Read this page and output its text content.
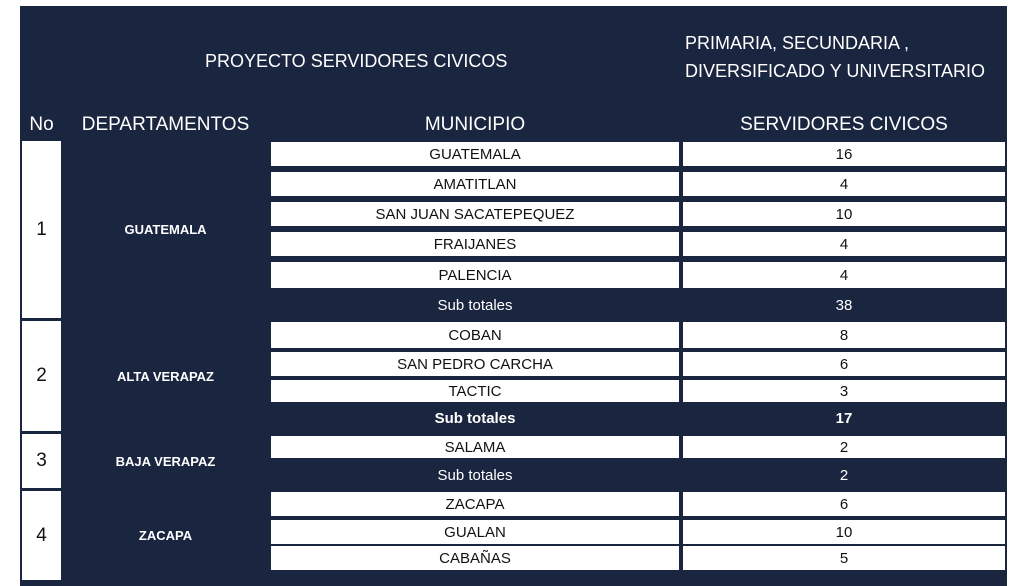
PROYECTO SERVIDORES CIVICOS
PRIMARIA, SECUNDARIA ,
DIVERSIFICADO Y UNIVERSITARIO
No	DEPARTAMENTOS	MUNICIPIO	SERVIDORES CIVICOS
1	GUATEMALA
GUATEMALA	16
AMATITLAN	4
SAN JUAN SACATEPEQUEZ	10
FRAIJANES	4
PALENCIA	4
Sub totales	38
2	ALTA VERAPAZ
COBAN	8
SAN PEDRO CARCHA	6
TACTIC	3
Sub totales	17
3	BAJA VERAPAZ
SALAMA	2
Sub totales	2
4	ZACAPA
ZACAPA	6
GUALAN	10
CABAÑAS	5
